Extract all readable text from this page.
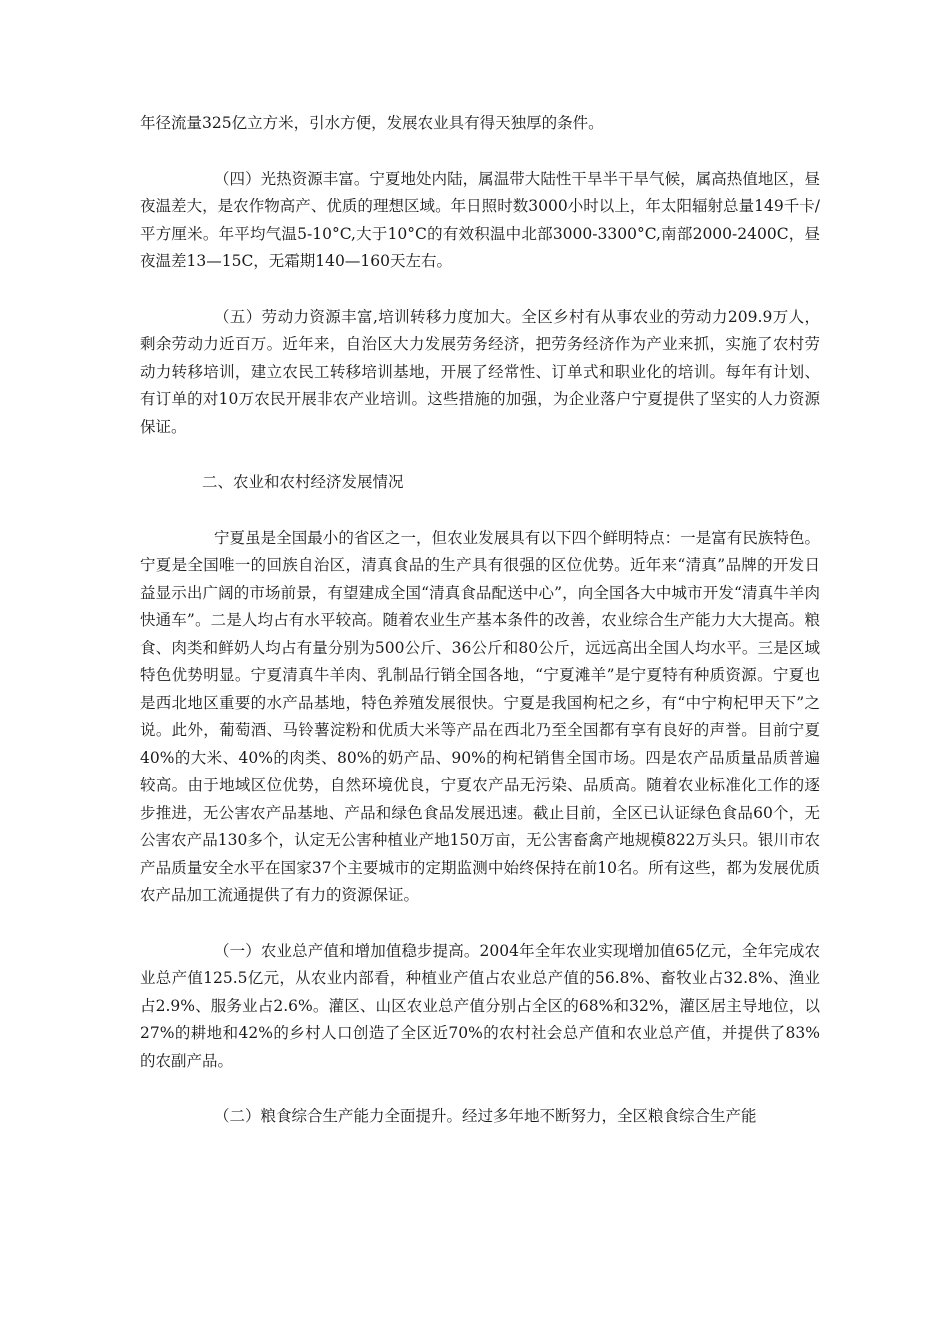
年径流量325亿立方米，引水方便，发展农业具有得天独厚的条件。

（四）光热资源丰富。宁夏地处内陆，属温带大陆性干旱半干旱气候，属高热值地区，昼夜温差大，是农作物高产、优质的理想区域。年日照时数3000小时以上，年太阳辐射总量149千卡/平方厘米。年平均气温5-10°C,大于10°C的有效积温中北部3000-3300°C,南部2000-2400C，昼夜温差13—15C，无霜期140—160天左右。

（五）劳动力资源丰富,培训转移力度加大。全区乡村有从事农业的劳动力209.9万人，剩余劳动力近百万。近年来，自治区大力发展劳务经济，把劳务经济作为产业来抓，实施了农村劳动力转移培训，建立农民工转移培训基地，开展了经常性、订单式和职业化的培训。每年有计划、有订单的对10万农民开展非农产业培训。这些措施的加强，为企业落户宁夏提供了坚实的人力资源保证。

二、农业和农村经济发展情况

宁夏虽是全国最小的省区之一，但农业发展具有以下四个鲜明特点：一是富有民族特色。宁夏是全国唯一的回族自治区，清真食品的生产具有很强的区位优势。近年来“清真”品牌的开发日益显示出广阔的市场前景，有望建成全国“清真食品配送中心”，向全国各大中城市开发“清真牛羊肉快通车”。二是人均占有水平较高。随着农业生产基本条件的改善，农业综合生产能力大大提高。粮食、肉类和鲜奶人均占有量分别为500公斤、36公斤和80公斤，远远高出全国人均水平。三是区域特色优势明显。宁夏清真牛羊肉、乳制品行销全国各地，“宁夏滩羊”是宁夏特有种质资源。宁夏也是西北地区重要的水产品基地，特色养殖发展很快。宁夏是我国枸杞之乡，有“中宁枸杞甲天下”之说。此外，葡萄酒、马铃薯淀粉和优质大米等产品在西北乃至全国都有享有良好的声誉。目前宁夏40%的大米、40%的肉类、80%的奶产品、90%的枸杞销售全国市场。四是农产品质量品质普遍较高。由于地域区位优势，自然环境优良，宁夏农产品无污染、品质高。随着农业标准化工作的逐步推进，无公害农产品基地、产品和绿色食品发展迅速。截止目前，全区已认证绿色食品60个，无公害农产品130多个，认定无公害种植业产地150万亩，无公害畜禽产地规模822万头只。银川市农产品质量安全水平在国家37个主要城市的定期监测中始终保持在前10名。所有这些，都为发展优质农产品加工流通提供了有力的资源保证。

（一）农业总产值和增加值稳步提高。2004年全年农业实现增加值65亿元，全年完成农业总产值125.5亿元，从农业内部看，种植业产值占农业总产值的56.8%、畜牧业占32.8%、渔业占2.9%、服务业占2.6%。灌区、山区农业总产值分别占全区的68%和32%，灌区居主导地位，以27%的耕地和42%的乡村人口创造了全区近70%的农村社会总产值和农业总产值，并提供了83%的农副产品。

（二）粮食综合生产能力全面提升。经过多年地不断努力，全区粮食综合生产能
